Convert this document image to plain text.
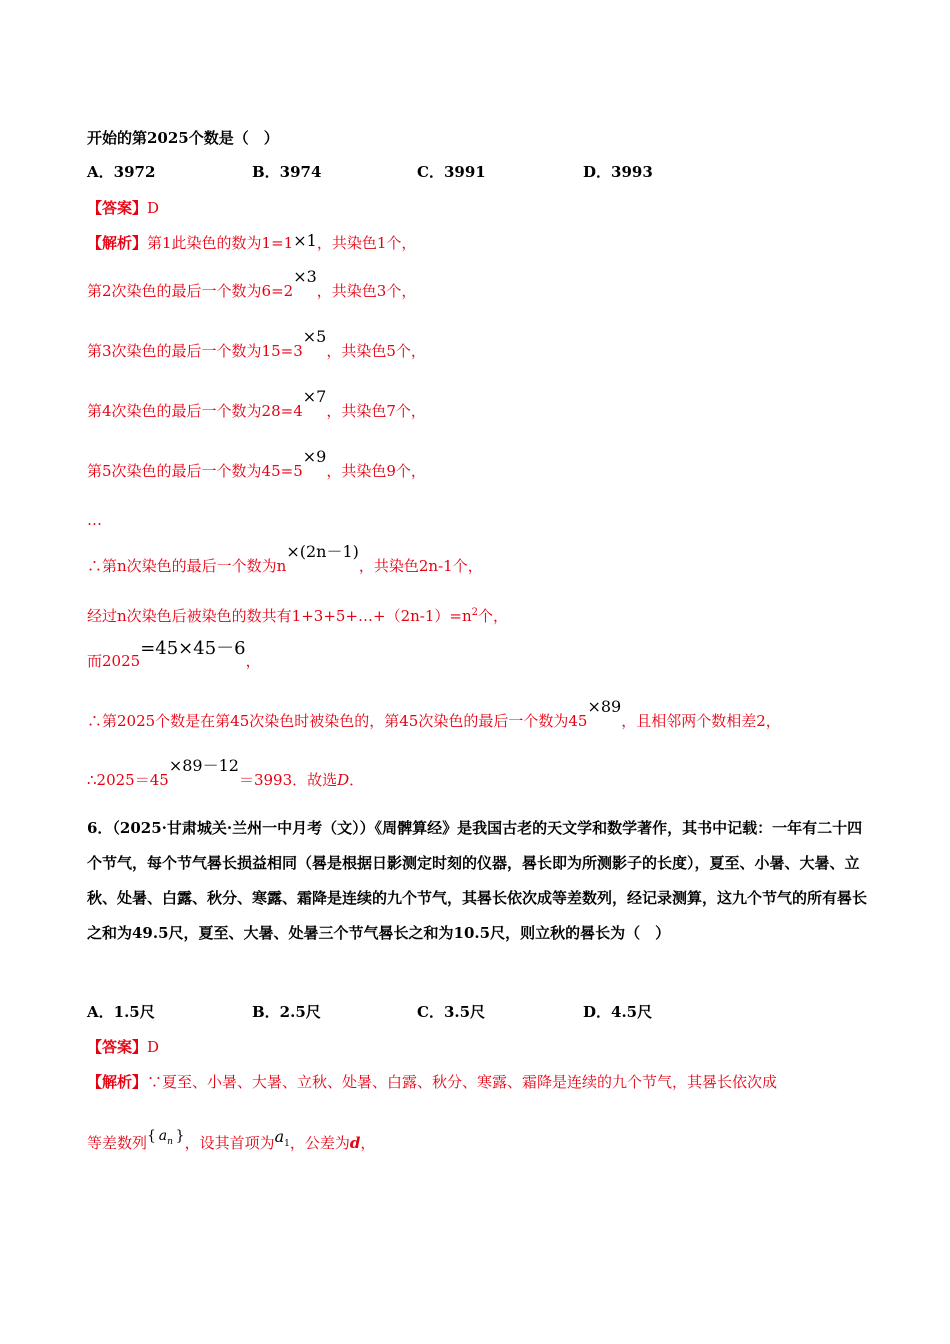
开始的第2025个数是（　）
A．3972	B．3974	C．3991	D．3993
【答案】D
【解析】第1此染色的数为1=1×1，共染色1个，
第2次染色的最后一个数为6=2×3，共染色3个，
第3次染色的最后一个数为15=3×5，共染色5个，
第4次染色的最后一个数为28=4×7，共染色7个，
第5次染色的最后一个数为45=5×9，共染色9个，
…
∴第n次染色的最后一个数为n×(2n－1)，共染色2n-1个，
经过n次染色后被染色的数共有$1+3+5+\dots+(2n-1)=n^2$个，
而2025=45×45－6，
∴第2025个数是在第45次染色时被染色的，第45次染色的最后一个数为45×89，且相邻两个数相差2，
∴2025＝45×89－12＝3993．故选D．
6．（2025·甘肃城关·兰州一中月考（文））《周髀算经》是我国古老的天文学和数学著作，其书中记载：一年有二十四个节气，每个节气晷长损益相同（晷是根据日影测定时刻的仪器，晷长即为所测影子的长度），夏至、小暑、大暑、立秋、处暑、白露、秋分、寒露、霜降是连续的九个节气，其晷长依次成等差数列，经记录测算，这九个节气的所有晷长之和为49.5尺，夏至、大暑、处暑三个节气晷长之和为10.5尺，则立秋的晷长为（　）
A．1.5尺	B．2.5尺	C．3.5尺	D．4.5尺
【答案】D
【解析】∵夏至、小暑、大暑、立秋、处暑、白露、秋分、寒露、霜降是连续的九个节气，其晷长依次成
等差数列{ $a_n$ }，设其首项为$a_1$，公差为d，
